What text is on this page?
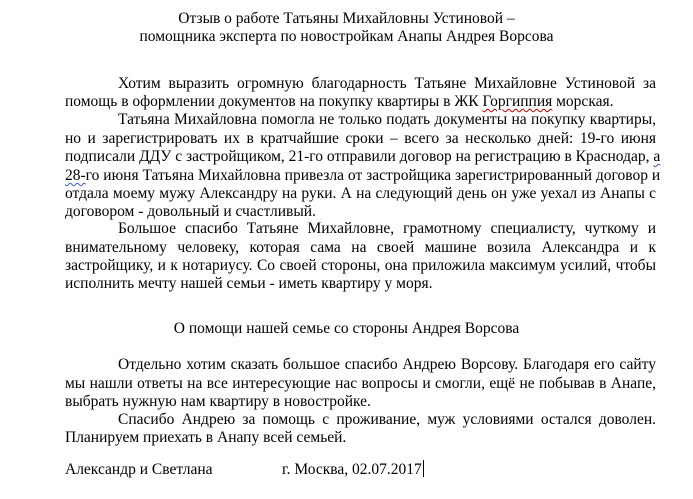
Отзыв о работе Татьяны Михайловны Устиновой –
помощника эксперта по новостройкам Анапы Андрея Ворсова
Хотим выразить огромную благодарность Татьяне Михайловне Устиновой за
помощь в оформлении документов на покупку квартиры в ЖК Горгиппия морская.
Татьяна Михайловна помогла не только подать документы на покупку квартиры,
но и зарегистрировать их в кратчайшие сроки – всего за несколько дней: 19-го июня
подписали ДДУ с застройщиком, 21-го отправили договор на регистрацию в Краснодар, а
28-го июня Татьяна Михайловна привезла от застройщика зарегистрированный договор и
отдала моему мужу Александру на руки. А на следующий день он уже уехал из Анапы с
договором - довольный и счастливый.
Большое спасибо Татьяне Михайловне, грамотному специалисту, чуткому и
внимательному человеку, которая сама на своей машине возила Александра и к
застройщику, и к нотариусу. Со своей стороны, она приложила максимум усилий, чтобы
исполнить мечту нашей семьи - иметь квартиру у моря.
О помощи нашей семье со стороны Андрея Ворсова
Отдельно хотим сказать большое спасибо Андрею Ворсову. Благодаря его сайту
мы нашли ответы на все интересующие нас вопросы и смогли, ещё не побывав в Анапе,
выбрать нужную нам квартиру в новостройке.
Спасибо Андрею за помощь с проживание, муж условиями остался доволен.
Планируем приехать в Анапу всей семьей.
Александр и Светлана	г. Москва, 02.07.2017
